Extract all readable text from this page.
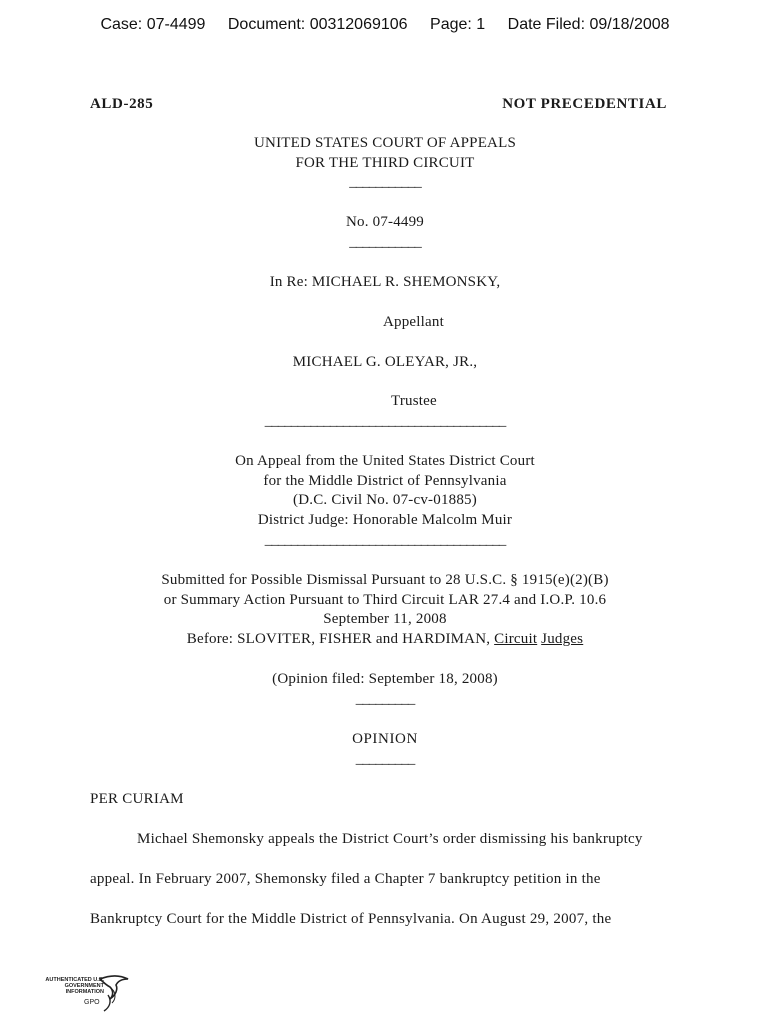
Case: 07-4499 Document: 00312069106 Page: 1 Date Filed: 09/18/2008
ALD-285	NOT PRECEDENTIAL
UNITED STATES COURT OF APPEALS
FOR THE THIRD CIRCUIT
___________
No. 07-4499
___________
In Re: MICHAEL R. SHEMONSKY,
Appellant
MICHAEL G. OLEYAR, JR.,
Trustee
_____________________________________
On Appeal from the United States District Court
for the Middle District of Pennsylvania
(D.C. Civil No. 07-cv-01885)
District Judge: Honorable Malcolm Muir
_____________________________________
Submitted for Possible Dismissal Pursuant to 28 U.S.C. § 1915(e)(2)(B)
or Summary Action Pursuant to Third Circuit LAR 27.4 and I.O.P. 10.6
September 11, 2008
Before: SLOVITER, FISHER and HARDIMAN, Circuit Judges
(Opinion filed: September 18, 2008)
_________
OPINION
_________
PER CURIAM
Michael Shemonsky appeals the District Court’s order dismissing his bankruptcy
appeal. In February 2007, Shemonsky filed a Chapter 7 bankruptcy petition in the
Bankruptcy Court for the Middle District of Pennsylvania. On August 29, 2007, the
AUTHENTICATED U.S. GOVERNMENT INFORMATION
GPO
